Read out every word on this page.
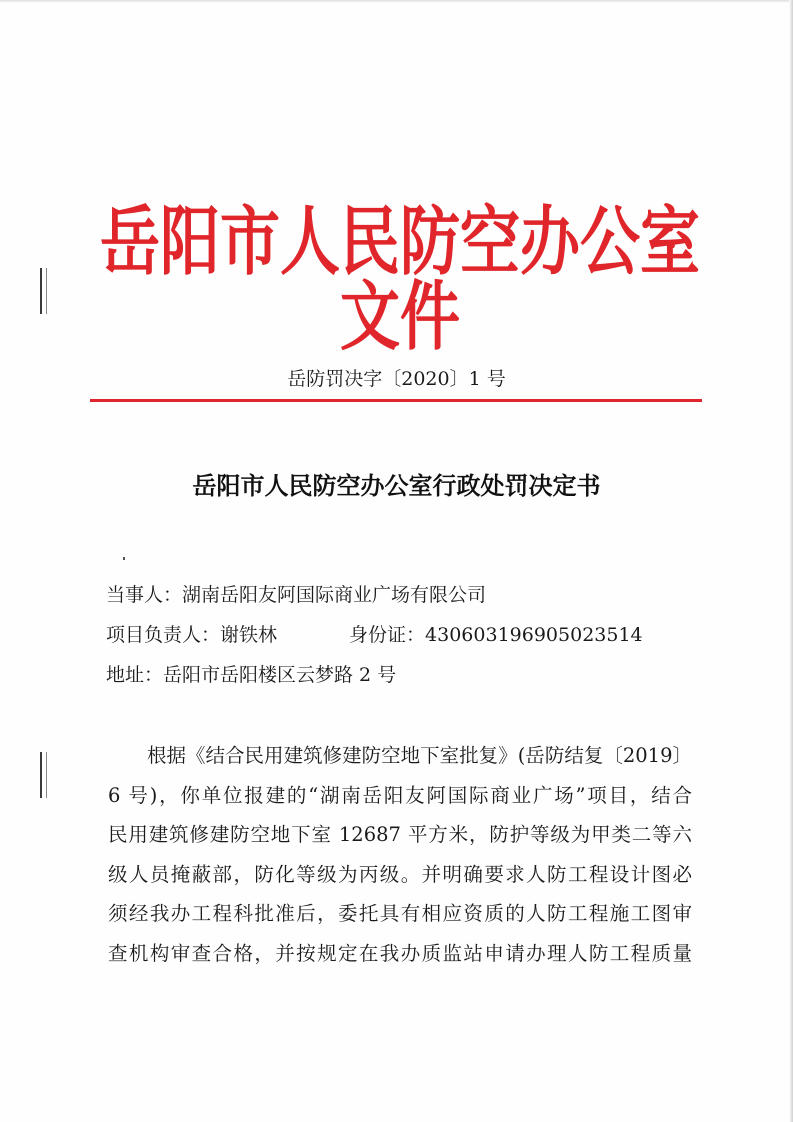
岳阳市人民防空办公室文件
岳防罚决字〔2020〕1 号
岳阳市人民防空办公室行政处罚决定书
当事人：湖南岳阳友阿国际商业广场有限公司
项目负责人：谢铁林	身份证：430603196905023514
地址：岳阳市岳阳楼区云梦路 2 号
根据《结合民用建筑修建防空地下室批复》(岳防结复〔2019〕
6 号)，你单位报建的“湖南岳阳友阿国际商业广场”项目，结合
民用建筑修建防空地下室 12687 平方米，防护等级为甲类二等六
级人员掩蔽部，防化等级为丙级。并明确要求人防工程设计图必
须经我办工程科批准后，委托具有相应资质的人防工程施工图审
查机构审查合格，并按规定在我办质监站申请办理人防工程质量
